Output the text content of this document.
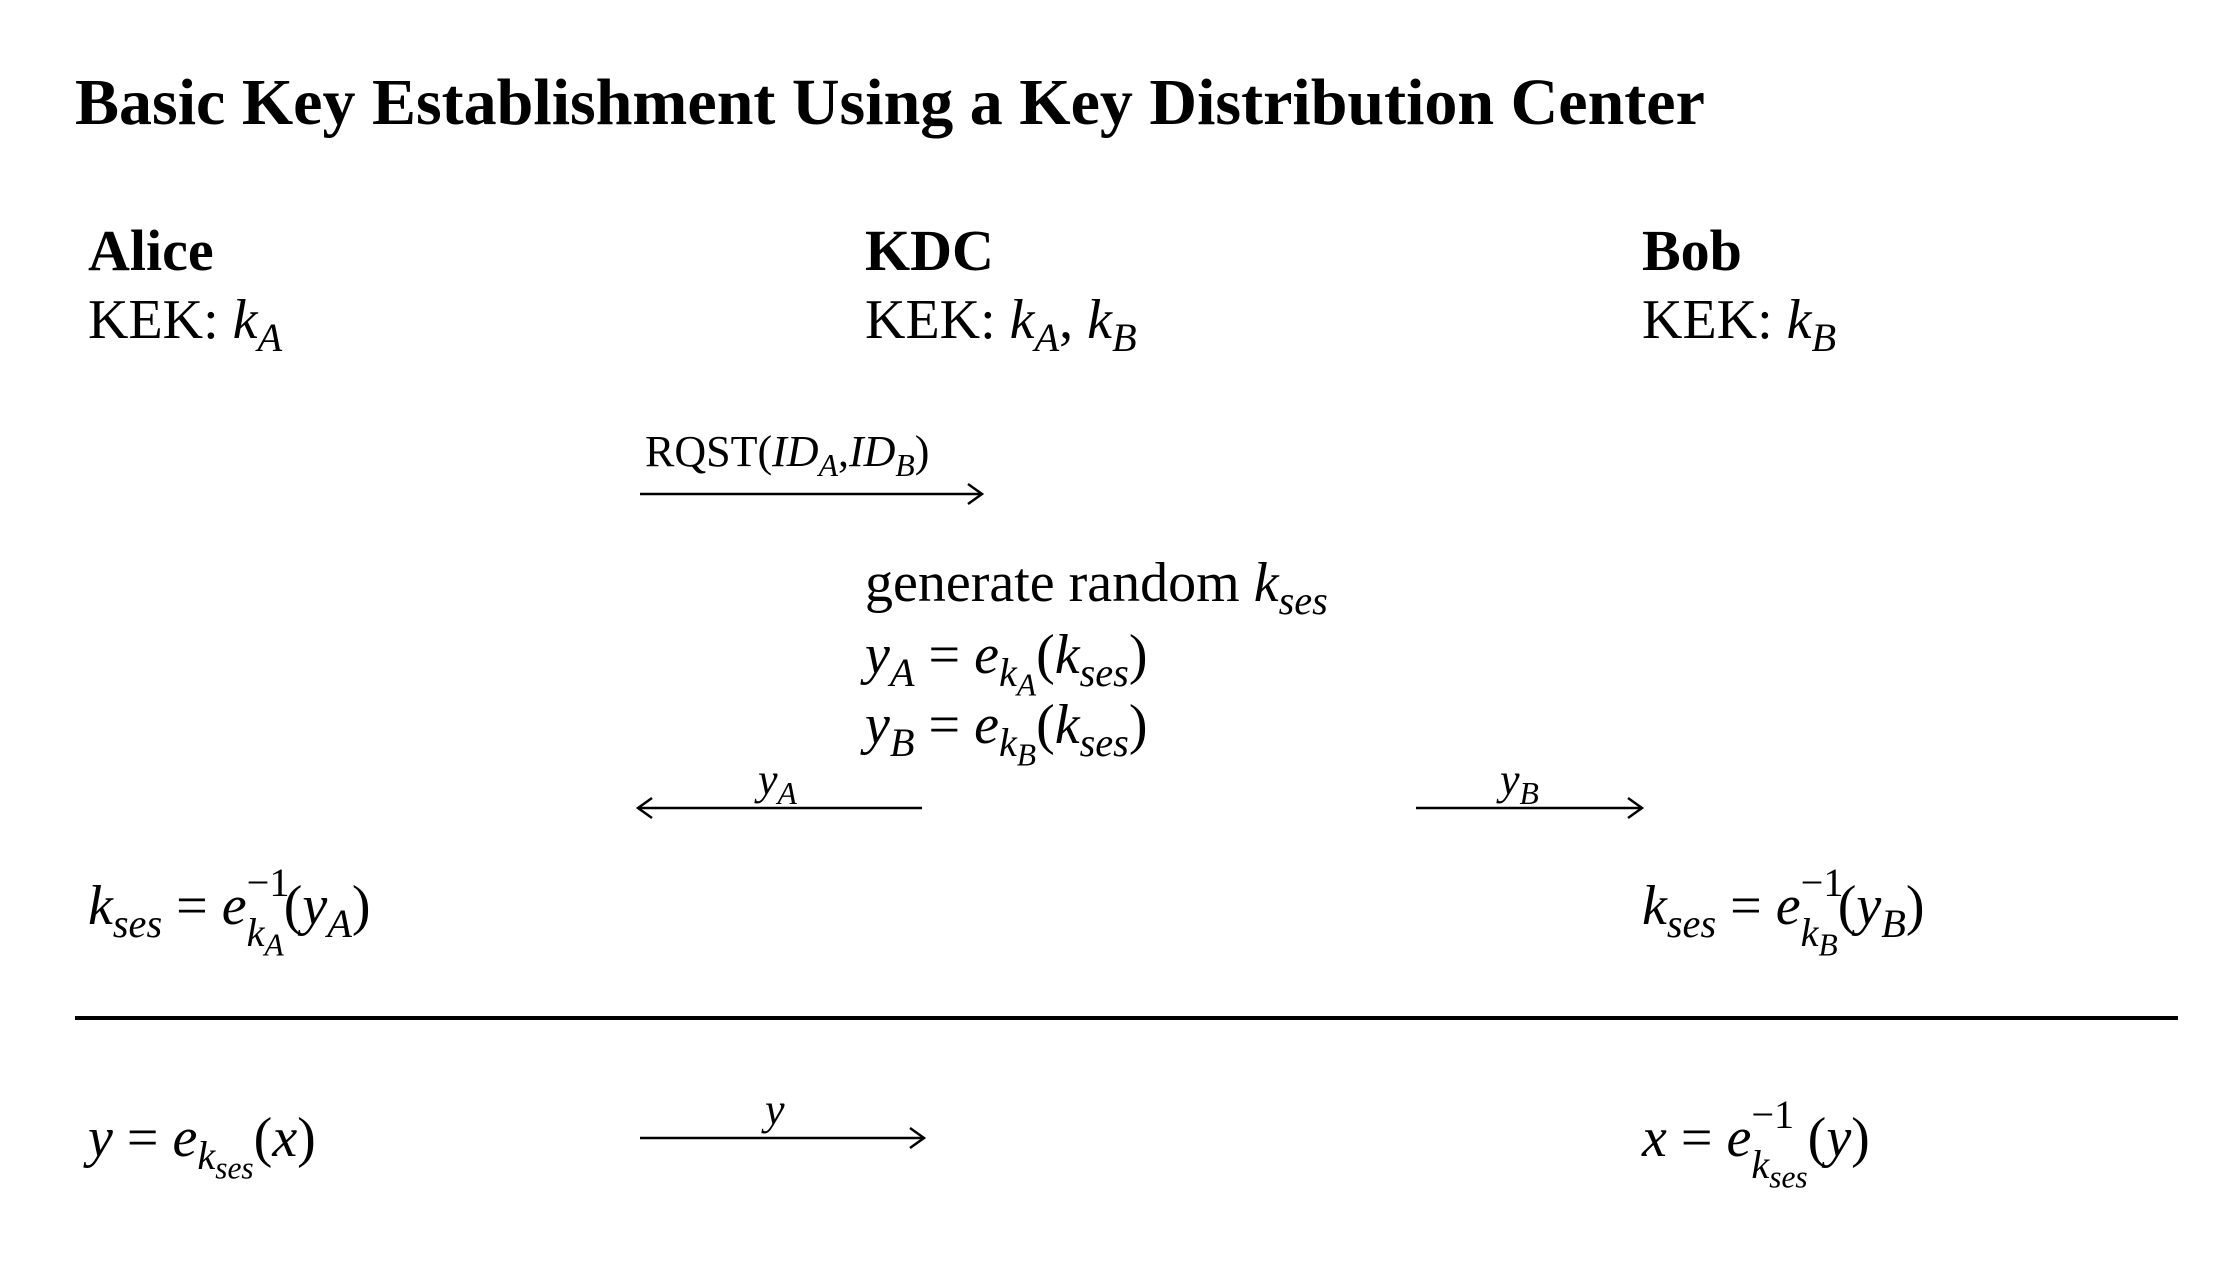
Basic Key Establishment Using a Key Distribution Center
Alice
KEK: $k_A$
KDC
KEK: $k_A$, $k_B$
Bob
KEK: $k_B$
$RQST(ID_A,ID_B)$
generate random $k_{ses}$
$y_A = e_{k_A}(k_{ses})$
$y_B = e_{k_B}(k_{ses})$
$y_A$	$y_B$
$k_{ses} = e -1$
$k_A(y_A)$	$k_{ses} = e -1$
$k_B(y_B)$
$y = e_{k_{ses}}(x)$	y	x = e −1
$k_{ses}(y)$
